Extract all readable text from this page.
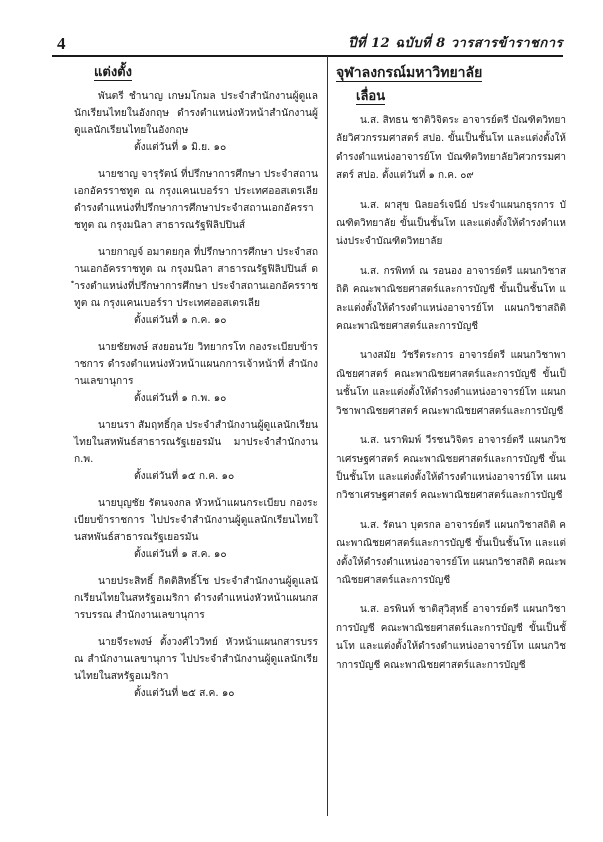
4	ปีที่ 12 ฉบับที่ 8 วารสารข้าราชการ
แต่งตั้ง

พันตรี ชำนาญ เกษมโกมล ประจำสำนักงานผู้ดูแลนักเรียนไทยในอังกฤษ ดำรงตำแหน่งหัวหน้าสำนักงานผู้ดูแลนักเรียนไทยในอังกฤษ
ตั้งแต่วันที่ ๑ มิ.ย. ๑๐

นายชาญ จารุรัตน์ ที่ปรึกษาการศึกษา ประจำสถานเอกอัครราชทูต ณ กรุงแคนเบอร์รา ประเทศออสเตรเลีย ดำรงตำแหน่งที่ปรึกษาการศึกษาประจำสถานเอกอัครราชทูต ณ กรุงมนิลา สาธารณรัฐฟิลิปปินส์

นายกาญจ์ อมาตยกุล ที่ปรึกษาการศึกษา ประจำสถานเอกอัครราชทูต ณ กรุงมนิลา สาธารณรัฐฟิลิปปินส์ ดำรงตำแหน่งที่ปรึกษาการศึกษา ประจำสถานเอกอัครราชทูต ณ กรุงแคนเบอร์รา ประเทศออสเตรเลีย
ตั้งแต่วันที่ ๑ ก.ค. ๑๐

นายชัยพงษ์ สงยอนวัย วิทยากรโท กองระเบียบข้าราชการ ดำรงตำแหน่งหัวหน้าแผนกการเจ้าหน้าที่ สำนักงานเลขานุการ
ตั้งแต่วันที่ ๑ ก.พ. ๑๐

นายนรา สัมฤทธิ์กุล ประจำสำนักงานผู้ดูแลนักเรียนไทยในสหพันธ์สาธารณรัฐเยอรมัน มาประจำสำนักงาน ก.พ.
ตั้งแต่วันที่ ๑๕ ก.ค. ๑๐

นายบุญชัย รัตนจงกล หัวหน้าแผนกระเบียบ กองระเบียบข้าราชการ ไปประจำสำนักงานผู้ดูแลนักเรียนไทยในสหพันธ์สาธารณรัฐเยอรมัน
ตั้งแต่วันที่ ๑ ส.ค. ๑๐

นายประสิทธิ์ กิตติสิทธิ์โช ประจำสำนักงานผู้ดูแลนักเรียนไทยในสหรัฐอเมริกา ดำรงตำแหน่งหัวหน้าแผนกสารบรรณ สำนักงานเลขานุการ

นายจีระพงษ์ ตั้งวงศ์ไววิทย์ หัวหน้าแผนกสารบรรณ สำนักงานเลขานุการ ไปประจำสำนักงานผู้ดูแลนักเรียนไทยในสหรัฐอเมริกา
ตั้งแต่วันที่ ๒๕ ส.ค. ๑๐

จุฬาลงกรณ์มหาวิทยาลัย
เลื่อน

น.ส. สิทธน ชาติวิจิตระ อาจารย์ตรี บัณฑิตวิทยาลัยวิศวกรรมศาสตร์ สปอ. ขั้นเป็นชั้นโท และแต่งตั้งให้ดำรงตำแหน่งอาจารย์โท บัณฑิตวิทยาลัยวิศวกรรมศาสตร์ สปอ. ตั้งแต่วันที่ ๑ ก.ค. ๐๙

น.ส. ผาสุข นิลยอร์เจนีย์ ประจำแผนกธุรการ บัณฑิตวิทยาลัย ขั้นเป็นชั้นโท และแต่งตั้งให้ดำรงตำแหน่งประจำบัณฑิตวิทยาลัย

น.ส. กรพิทท์ ณ รอนอง อาจารย์ตรี แผนกวิชาสถิติ คณะพาณิชยศาสตร์และการบัญชี ขั้นเป็นชั้นโท และแต่งตั้งให้ดำรงตำแหน่งอาจารย์โท แผนกวิชาสถิติ คณะพาณิชยศาสตร์และการบัญชี

นางสมัย วัชรีตระการ อาจารย์ตรี แผนกวิชาพาณิชยศาสตร์ คณะพาณิชยศาสตร์และการบัญชี ขั้นเป็นชั้นโท และแต่งตั้งให้ดำรงตำแหน่งอาจารย์โท แผนกวิชาพาณิชยศาสตร์ คณะพาณิชยศาสตร์และการบัญชี

น.ส. นราพิมพ์ วีรชนวิจิตร อาจารย์ตรี แผนกวิชาเศรษฐศาสตร์ คณะพาณิชยศาสตร์และการบัญชี ขั้นเป็นชั้นโท และแต่งตั้งให้ดำรงตำแหน่งอาจารย์โท แผนกวิชาเศรษฐศาสตร์ คณะพาณิชยศาสตร์และการบัญชี

น.ส. รัตนา บุตรกล อาจารย์ตรี แผนกวิชาสถิติ คณะพาณิชยศาสตร์และการบัญชี ขั้นเป็นชั้นโท และแต่งตั้งให้ดำรงตำแหน่งอาจารย์โท แผนกวิชาสถิติ คณะพาณิชยศาสตร์และการบัญชี

น.ส. อรพินท์ ชาติสุวิสุทธิ์ อาจารย์ตรี แผนกวิชาการบัญชี คณะพาณิชยศาสตร์และการบัญชี ขั้นเป็นชั้นโท และแต่งตั้งให้ดำรงตำแหน่งอาจารย์โท แผนกวิชาการบัญชี คณะพาณิชยศาสตร์และการบัญชี
